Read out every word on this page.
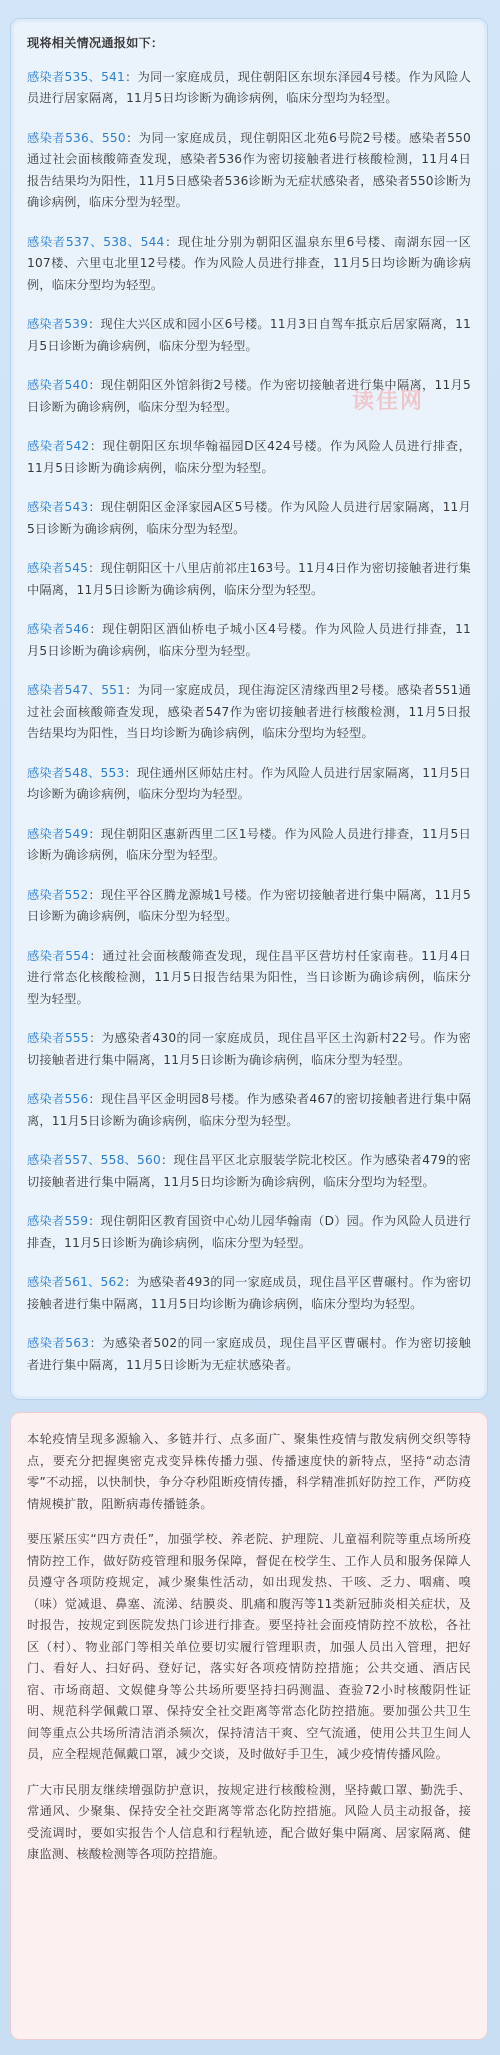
现将相关情况通报如下：

感染者535、541：为同一家庭成员，现住朝阳区东坝东泽园4号楼。作为风险人员进行居家隔离，11月5日均诊断为确诊病例，临床分型均为轻型。

感染者536、550：为同一家庭成员，现住朝阳区北苑6号院2号楼。感染者550通过社会面核酸筛查发现，感染者536作为密切接触者进行核酸检测，11月4日报告结果均为阳性，11月5日感染者536诊断为无症状感染者，感染者550诊断为确诊病例，临床分型为轻型。

感染者537、538、544：现住址分别为朝阳区温泉东里6号楼、南湖东园一区107楼、六里屯北里12号楼。作为风险人员进行排查，11月5日均诊断为确诊病例，临床分型均为轻型。

感染者539：现住大兴区成和园小区6号楼。11月3日自驾车抵京后居家隔离，11月5日诊断为确诊病例，临床分型为轻型。

感染者540：现住朝阳区外馆斜街2号楼。作为密切接触者进行集中隔离，11月5日诊断为确诊病例，临床分型为轻型。

感染者542：现住朝阳区东坝华翰福园D区424号楼。作为风险人员进行排查，11月5日诊断为确诊病例，临床分型为轻型。

感染者543：现住朝阳区金泽家园A区5号楼。作为风险人员进行居家隔离，11月5日诊断为确诊病例，临床分型为轻型。

感染者545：现住朝阳区十八里店前祁庄163号。11月4日作为密切接触者进行集中隔离，11月5日诊断为确诊病例，临床分型为轻型。

感染者546：现住朝阳区酒仙桥电子城小区4号楼。作为风险人员进行排查，11月5日诊断为确诊病例，临床分型为轻型。

感染者547、551：为同一家庭成员，现住海淀区清缘西里2号楼。感染者551通过社会面核酸筛查发现，感染者547作为密切接触者进行核酸检测，11月5日报告结果均为阳性，当日均诊断为确诊病例，临床分型均为轻型。

感染者548、553：现住通州区师姑庄村。作为风险人员进行居家隔离，11月5日均诊断为确诊病例，临床分型均为轻型。

感染者549：现住朝阳区惠新西里二区1号楼。作为风险人员进行排查，11月5日诊断为确诊病例，临床分型为轻型。

感染者552：现住平谷区腾龙源城1号楼。作为密切接触者进行集中隔离，11月5日诊断为确诊病例，临床分型为轻型。

感染者554：通过社会面核酸筛查发现，现住昌平区营坊村任家南巷。11月4日进行常态化核酸检测，11月5日报告结果为阳性，当日诊断为确诊病例，临床分型为轻型。

感染者555：为感染者430的同一家庭成员，现住昌平区土沟新村22号。作为密切接触者进行集中隔离，11月5日诊断为确诊病例，临床分型为轻型。

感染者556：现住昌平区金明园8号楼。作为感染者467的密切接触者进行集中隔离，11月5日诊断为确诊病例，临床分型为轻型。

感染者557、558、560：现住昌平区北京服装学院北校区。作为感染者479的密切接触者进行集中隔离，11月5日均诊断为确诊病例，临床分型均为轻型。

感染者559：现住朝阳区教育国资中心幼儿园华翰南（D）园。作为风险人员进行排查，11月5日诊断为确诊病例，临床分型为轻型。

感染者561、562：为感染者493的同一家庭成员，现住昌平区曹碾村。作为密切接触者进行集中隔离，11月5日均诊断为确诊病例，临床分型均为轻型。

感染者563：为感染者502的同一家庭成员，现住昌平区曹碾村。作为密切接触者进行集中隔离，11月5日诊断为无症状感染者。

读佳网

本轮疫情呈现多源输入、多链并行、点多面广、聚集性疫情与散发病例交织等特点，要充分把握奥密克戎变异株传播力强、传播速度快的新特点，坚持“动态清零”不动摇，以快制快，争分夺秒阻断疫情传播，科学精准抓好防控工作，严防疫情规模扩散，阻断病毒传播链条。

要压紧压实“四方责任”，加强学校、养老院、护理院、儿童福利院等重点场所疫情防控工作，做好防疫管理和服务保障，督促在校学生、工作人员和服务保障人员遵守各项防疫规定，减少聚集性活动，如出现发热、干咳、乏力、咽痛、嗅（味）觉减退、鼻塞、流涕、结膜炎、肌痛和腹泻等11类新冠肺炎相关症状，及时报告，按规定到医院发热门诊进行排查。要坚持社会面疫情防控不放松，各社区（村）、物业部门等相关单位要切实履行管理职责，加强人员出入管理，把好门、看好人、扫好码、登好记，落实好各项疫情防控措施；公共交通、酒店民宿、市场商超、文娱健身等公共场所要坚持扫码测温、查验72小时核酸阴性证明、规范科学佩戴口罩、保持安全社交距离等常态化防控措施。要加强公共卫生间等重点公共场所清洁消杀频次，保持清洁干爽、空气流通，使用公共卫生间人员，应全程规范佩戴口罩，减少交谈，及时做好手卫生，减少疫情传播风险。

广大市民朋友继续增强防护意识，按规定进行核酸检测，坚持戴口罩、勤洗手、常通风、少聚集、保持安全社交距离等常态化防控措施。风险人员主动报备，接受流调时，要如实报告个人信息和行程轨迹，配合做好集中隔离、居家隔离、健康监测、核酸检测等各项防控措施。
